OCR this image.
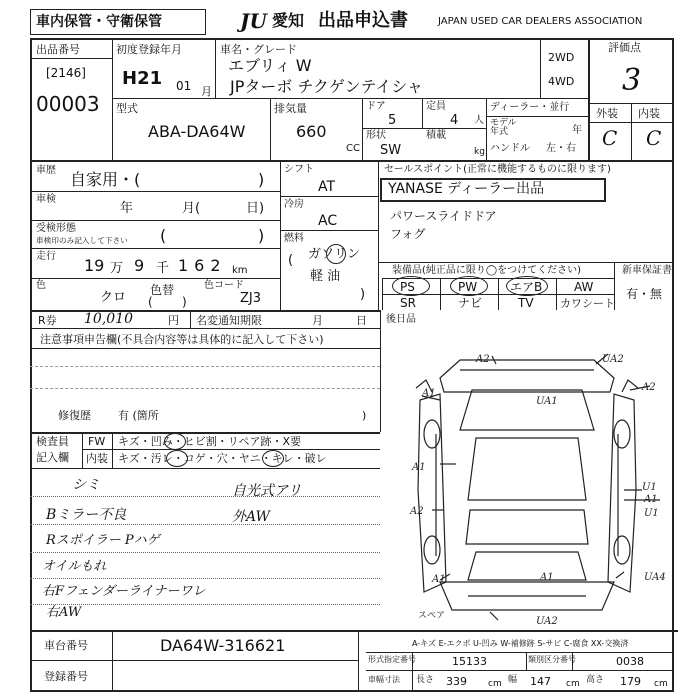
車内保管・守衛保管	JU 愛知 出品申込書	JAPAN USED CAR DEALERS ASSOCIATION
出品番号
[2146]
00003
初度登録年月
H21 01 月
車名・グレード
エブリィ W
JPターボ チクゲンテイシャ
2WD
4WD
評価点
3
外装 内装
C C
型式
ABA-DA64W
排気量
660
CC
ドア
5
定員
4 人
形状
SW
積載
kg
ディーラー・並行
モデル年式	年
ハンドル 左・右
車歴 自家用・(	)
車検
年	月(	日)
受検形態
車検印のみ記入して下さい (	)
走行 19 万 9 千 162 km
色
クロ 色替
( )
色コード
ZJ3
シフト
AT
冷房
AC
燃料
ガソリン
(
軽 油
)
セールスポイント(正常に機能するものに限ります)
YANASE ディーラー出品
パワースライドドア
フォグ
装備品(純正品に限り◯をつけてください)
PS	PW	エアB	AW
SR	ナビ	TV カワシート
新車保証書
有・無
R券 10,010	円 名変通知期限	月	日 後日品
注意事項申告欄(不具合内容等は具体的に記入して下さい)
修復歴 有 (箇所	)
検査員
記入欄
FW キズ・凹み・ヒビ割・リペア跡・X要
内装 キズ・汚レ・コゲ・穴・ヤニ・キレ・破レ
シミ	自光式アリ
Bミラー不良	外AW
Rスポイラー Pハゲ
オイルもれ
右Fフェンダーライナーワレ
右AW
車台番号	DA64W-316621
登録番号
A2	UA2
A1
UA1
A2
A1
U1
A2
A1
U1
A1	UA4
A1
スペア	UA2
A-キズ E-エクボ U-凹み W-補修跡 S-サビ C-腐食 XX-交換済
形式指定番号	15133	類別区分番号	0038
車幅寸法 長さ 339 cm 幅 147 cm 高さ 179 cm
